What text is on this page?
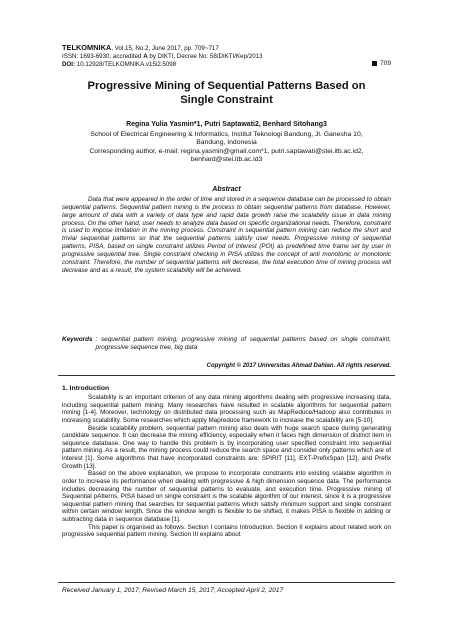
TELKOMNIKA, Vol.15, No.2, June 2017, pp. 709~717
ISSN: 1693-6930, accredited A by DIKTI, Decree No: 58/DIKTI/Kep/2013
DOI: 10.12928/TELKOMNIKA.v15i2.5098	709
Progressive Mining of Sequential Patterns Based on
Single Constraint
Regina Yulia Yasmin*1, Putri Saptawati2, Benhard Sitohang3
School of Electrical Engineering & Informatics, Institut Teknologi Bandung, Jl. Ganesha 10,
Bandung, Indonesia
Corresponding author, e-mail: regina.yasmin@gmail.com*1, putri.saptawati@stei.itb.ac.id2,
benhard@stei.itb.ac.id3
Abstract

Data that were appeared in the order of time and stored in a sequence database can be processed to obtain sequential patterns. Sequential pattern mining is the process to obtain sequential patterns from database. However, large amount of data with a variety of data type and rapid data growth raise the scalability issue in data mining process. On the other hand, user needs to analyze data based on specific organizational needs. Therefore, constraint is used to impose limitation in the mining process. Constraint in sequential pattern mining can reduce the short and trivial sequential patterns so that the sequential patterns satisfy user needs. Progressive mining of sequential patterns, PISA, based on single constraint utilizes Period of Interest (POI) as predefined time frame set by user in progressive sequential tree. Single constraint checking in PISA utilizes the concept of anti monotonic or monotonic constraint. Therefore, the number of sequential patterns will decrease, the total execution time of mining process will decrease and as a result, the system scalability will be achieved.

Keywords : sequential pattern mining, progressive mining of sequential patterns based on single constraint, progressive sequence tree, big data
Copyright © 2017 Universitas Ahmad Dahlan. All rights reserved.
1. Introduction

Scalability is an important criterion of any data mining algorithms dealing with progressive increasing data, including sequential pattern mining. Many researches have resulted in scalable algorithms for sequential pattern mining [1-4]. Moreover, technology on distributed data processing such as MapReduce/Hadoop also contributes in increasing scalability. Some researches which apply Mapreduce framework to increase the scalability are [5-10].

Beside scalability problem, sequential pattern mining also deals with huge search space during generating candidate sequence. It can decrease the mining efficiency, especially when it faces high dimension of distinct item in sequence database. One way to handle this problem is by incorporating user specified constraint into sequential pattern mining. As a result, the mining process could reduce the search space and consider only patterns which are of interest [1]. Some algorithms that have incorporated constraints are: SPIRIT [11], EXT-PrefixSpan [12], and Prefix Growth [13].

Based on the above explanation, we propose to incorporate constraints into existing scalable algorithm in order to increase its performance when dealing with progressive & high dimension sequence data. The performance includes decreasing the number of sequential patterns to evaluate, and execution time. Progressive mining of Sequential pAtterns, PISA based on single constraint is the scalable algorithm of our interest, since it is a progressive sequential pattern mining that searches for sequential patterns which satisfy minimum support and single constraint within certain window length. Since the window length is flexible to be shifted, it makes PISA is flexible in adding or subtracting data in sequence database [1].

This paper is organised as follows. Section I contains Introduction. Section II explains about related work on progressive sequential pattern mining. Section III explains about

Received January 1, 2017; Revised March 15, 2017; Accepted April 2, 2017
